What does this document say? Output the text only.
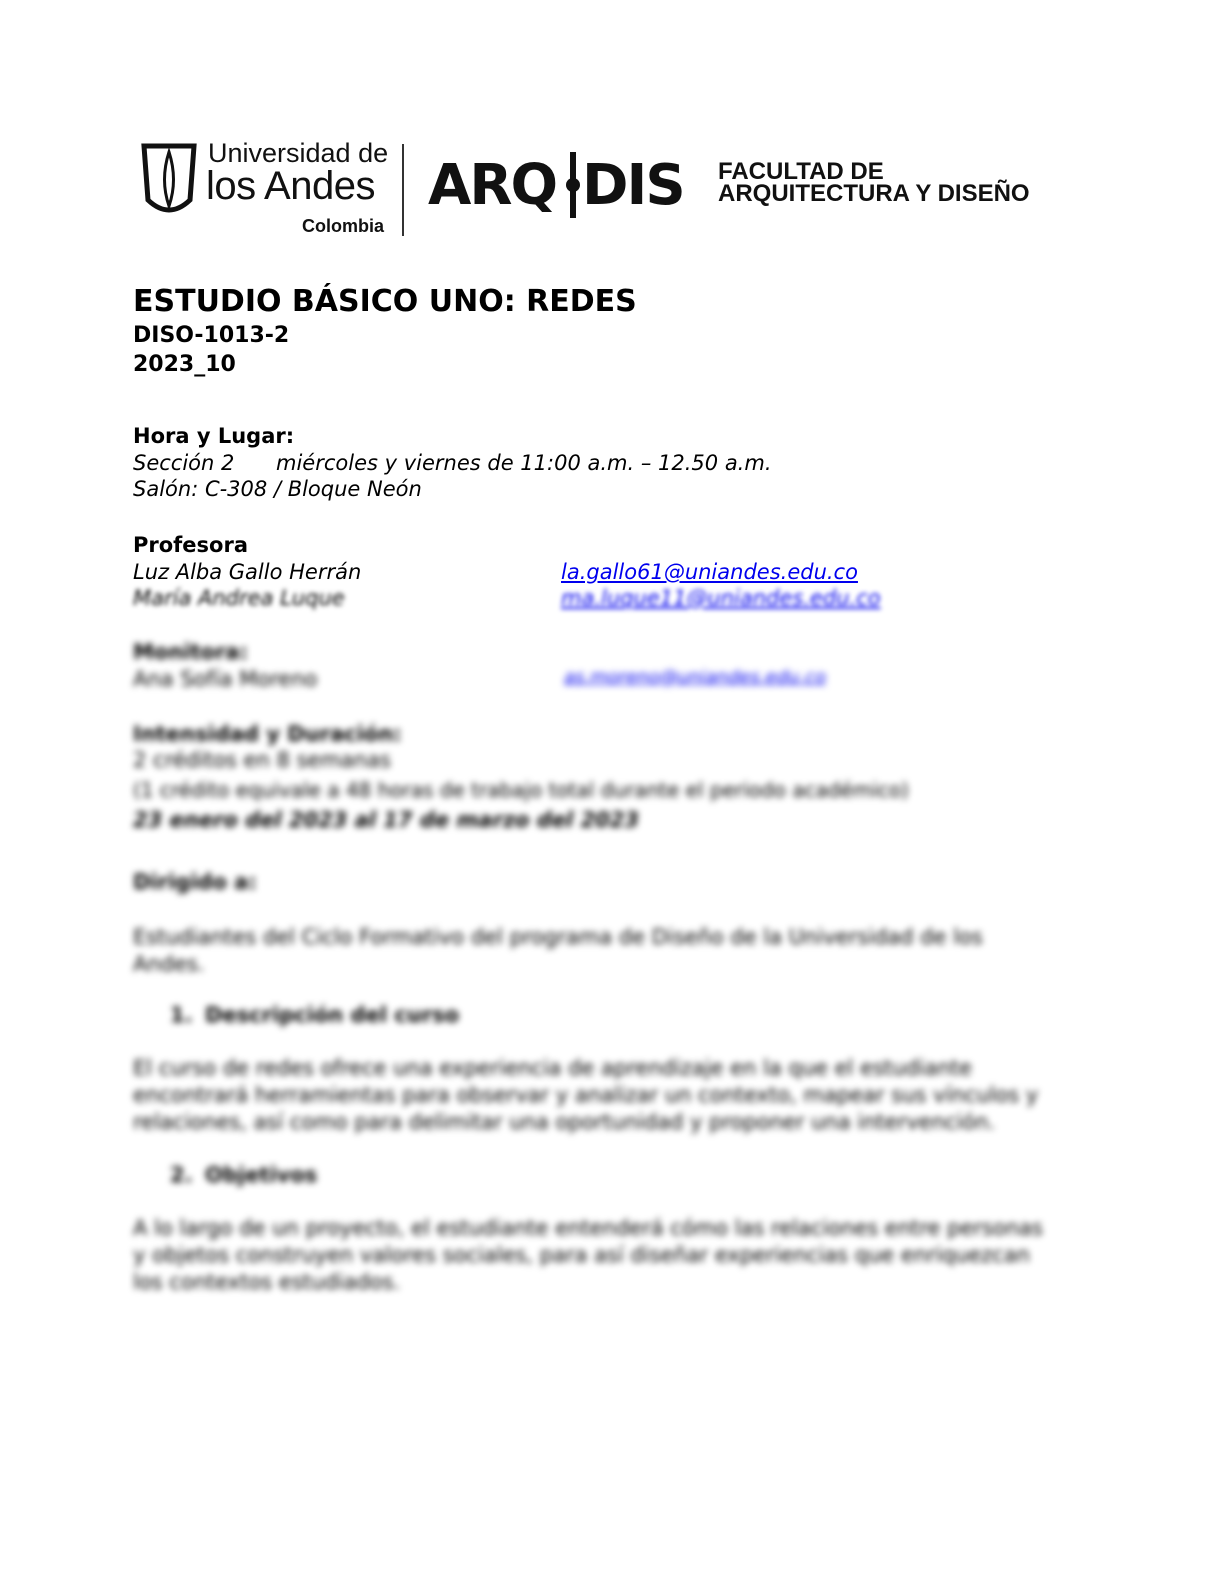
Universidad de
los Andes
Colombia
ARQ DIS FACULTAD DE
ARQUITECTURA Y DISEÑO
ESTUDIO BÁSICO UNO: REDES
DISO-1013-2
2023_10
Hora y Lugar:
Sección 2 miércoles y viernes de 11:00 a.m. – 12.50 a.m.
Salón: C-308 / Bloque Neón
Profesora
Luz Alba Gallo Herrán	la.gallo61@uniandes.edu.co
María Andrea Luque	ma.luque11@uniandes.edu.co
Monitora:
Ana Sofía Moreno	as.moreno@uniandes.edu.co
Intensidad y Duración:
2 créditos en 8 semanas
(1 crédito equivale a 48 horas de trabajo total durante el periodo académico)
23 enero del 2023 al 17 de marzo del 2023
Dirigido a:
Estudiantes del Ciclo Formativo del programa de Diseño de la Universidad de los Andes.
1. Descripción del curso
El curso de redes ofrece una experiencia de aprendizaje en la que el estudiante encontrará herramientas para observar y analizar un contexto, mapear sus vínculos y relaciones, así como para delimitar una oportunidad y proponer una intervención.
2. Objetivos
A lo largo de un proyecto, el estudiante entenderá cómo las relaciones entre personas y objetos construyen valores sociales, para así diseñar experiencias que enriquezcan los contextos estudiados.
